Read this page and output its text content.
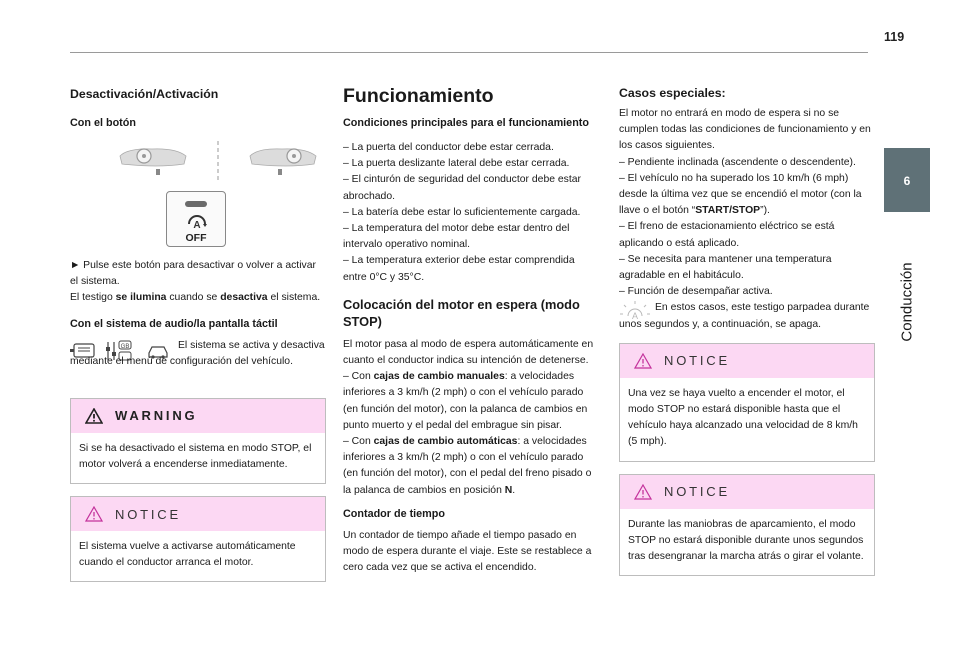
119
6
Conducción
Desactivación/Activación
Con el botón
A
OFF

► Pulse este botón para desactivar o volver a activar el sistema.
El testigo se ilumina cuando se desactiva el sistema.

Con el sistema de audio/la pantalla táctil
GB	El sistema se activa y desactiva mediante el menú de configuración del vehículo.

WARNING

Si se ha desactivado el sistema en modo STOP, el motor volverá a encenderse inmediatamente.

NOTICE

El sistema vuelve a activarse automáticamente cuando el conductor arranca el motor.

Funcionamiento
Condiciones principales para el funcionamiento
– La puerta del conductor debe estar cerrada.
– La puerta deslizante lateral debe estar cerrada.
– El cinturón de seguridad del conductor debe estar abrochado.
– La batería debe estar lo suficientemente cargada.
– La temperatura del motor debe estar dentro del intervalo operativo nominal.
– La temperatura exterior debe estar comprendida entre 0°C y 35°C.
Colocación del motor en espera (modo STOP)

El motor pasa al modo de espera automáticamente en cuanto el conductor indica su intención de detenerse.

– Con cajas de cambio manuales: a velocidades inferiores a 3 km/h (2 mph) o con el vehículo parado (en función del motor), con la palanca de cambios en punto muerto y el pedal del embrague sin pisar.

– Con cajas de cambio automáticas: a velocidades inferiores a 3 km/h (2 mph) o con el vehículo parado (en función del motor), con el pedal del freno pisado o la palanca de cambios en posición N.

Contador de tiempo

Un contador de tiempo añade el tiempo pasado en modo de espera durante el viaje. Este se restablece a cero cada vez que se activa el encendido.

Casos especiales:

El motor no entrará en modo de espera si no se cumplen todas las condiciones de funcionamiento y en los casos siguientes.

– Pendiente inclinada (ascendente o descendente).
– El vehículo no ha superado los 10 km/h (6 mph) desde la última vez que se encendió el motor (con la llave o el botón “START/STOP”).
– El freno de estacionamiento eléctrico se está aplicando o está aplicado.
– Se necesita para mantener una temperatura agradable en el habitáculo.
– Función de desempañar activa.
A

En estos casos, este testigo parpadea durante unos segundos y, a continuación, se apaga.

NOTICE

Una vez se haya vuelto a encender el motor, el modo STOP no estará disponible hasta que el vehículo haya alcanzado una velocidad de 8 km/h (5 mph).

NOTICE

Durante las maniobras de aparcamiento, el modo STOP no estará disponible durante unos segundos tras desengranar la marcha atrás o girar el volante.
